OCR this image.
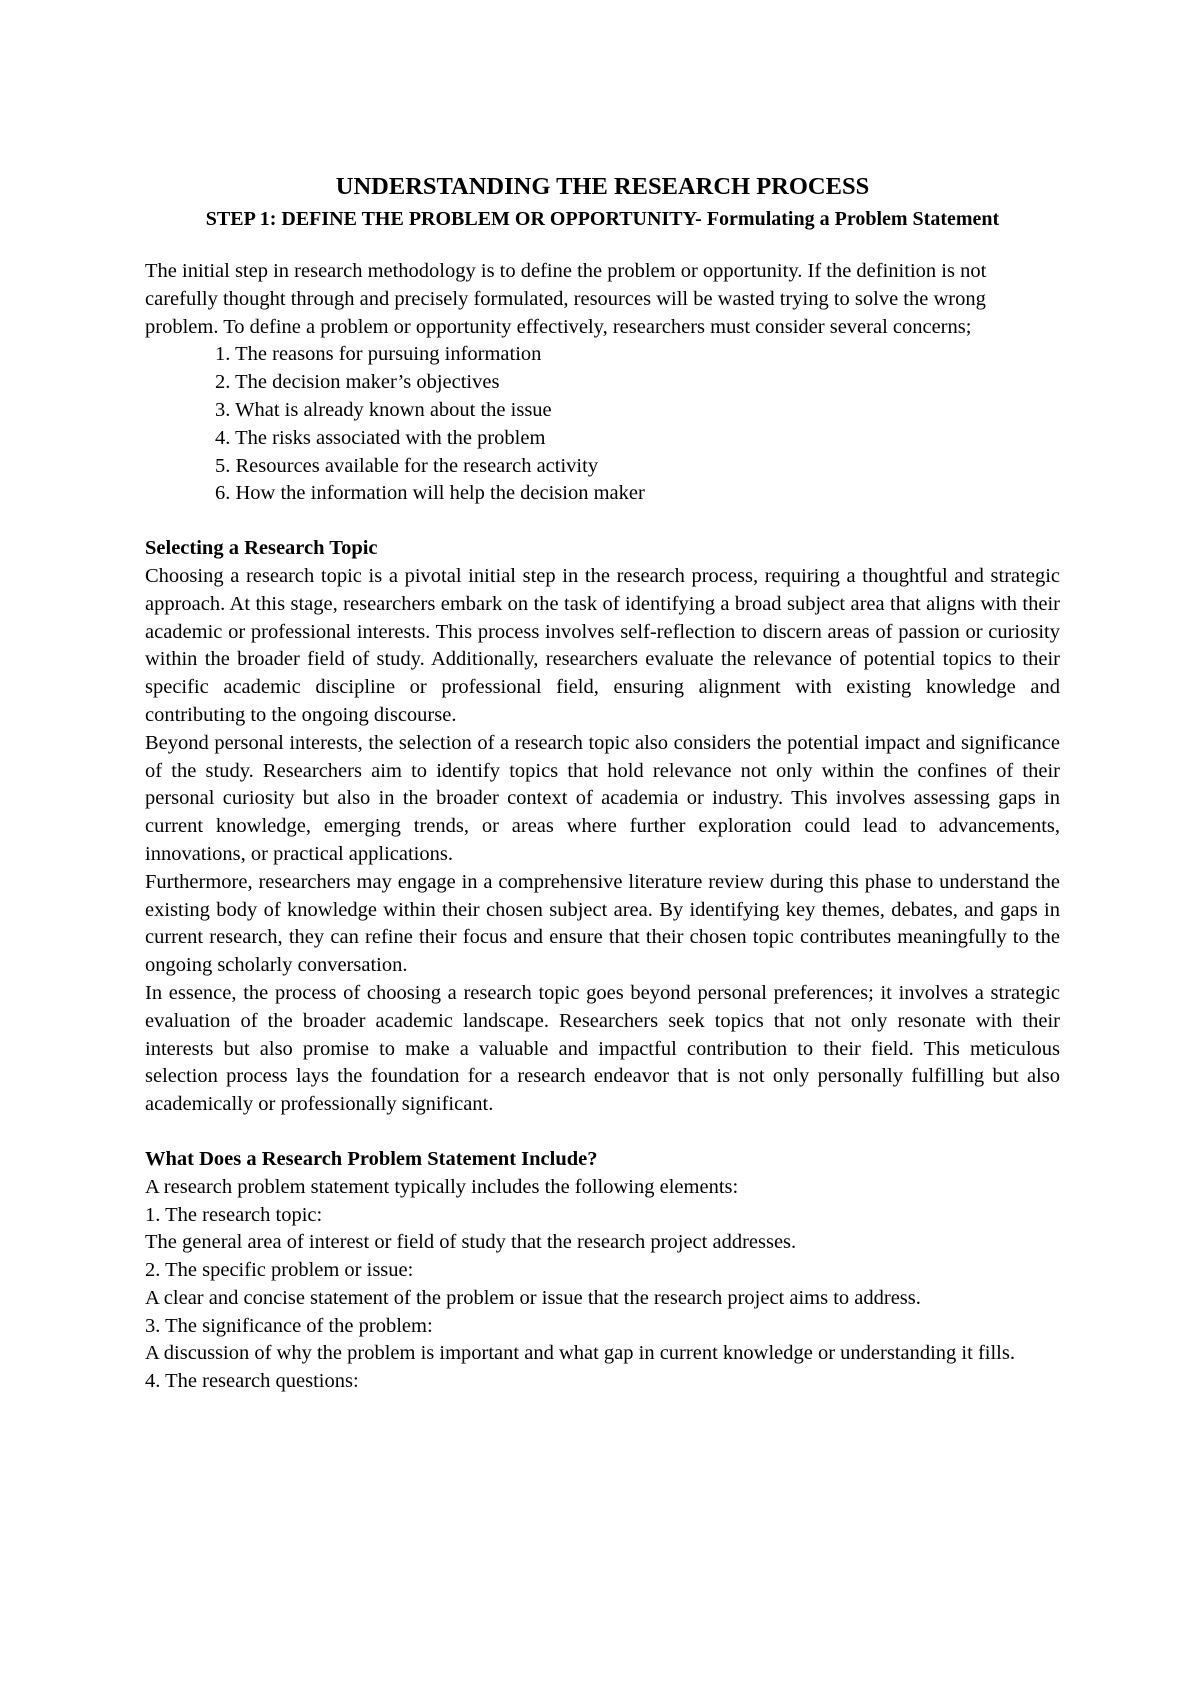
UNDERSTANDING THE RESEARCH PROCESS
STEP 1: DEFINE THE PROBLEM OR OPPORTUNITY- Formulating a Problem Statement

The initial step in research methodology is to define the problem or opportunity. If the definition is not carefully thought through and precisely formulated, resources will be wasted trying to solve the wrong problem. To define a problem or opportunity effectively, researchers must consider several concerns;

1. The reasons for pursuing information
2. The decision maker’s objectives
3. What is already known about the issue
4. The risks associated with the problem
5. Resources available for the research activity
6. How the information will help the decision maker
Selecting a Research Topic

Choosing a research topic is a pivotal initial step in the research process, requiring a thoughtful and strategic approach. At this stage, researchers embark on the task of identifying a broad subject area that aligns with their academic or professional interests. This process involves self-reflection to discern areas of passion or curiosity within the broader field of study. Additionally, researchers evaluate the relevance of potential topics to their specific academic discipline or professional field, ensuring alignment with existing knowledge and contributing to the ongoing discourse.

Beyond personal interests, the selection of a research topic also considers the potential impact and significance of the study. Researchers aim to identify topics that hold relevance not only within the confines of their personal curiosity but also in the broader context of academia or industry. This involves assessing gaps in current knowledge, emerging trends, or areas where further exploration could lead to advancements, innovations, or practical applications.

Furthermore, researchers may engage in a comprehensive literature review during this phase to understand the existing body of knowledge within their chosen subject area. By identifying key themes, debates, and gaps in current research, they can refine their focus and ensure that their chosen topic contributes meaningfully to the ongoing scholarly conversation.

In essence, the process of choosing a research topic goes beyond personal preferences; it involves a strategic evaluation of the broader academic landscape. Researchers seek topics that not only resonate with their interests but also promise to make a valuable and impactful contribution to their field. This meticulous selection process lays the foundation for a research endeavor that is not only personally fulfilling but also academically or professionally significant.

What Does a Research Problem Statement Include?

A research problem statement typically includes the following elements:

1. The research topic:

The general area of interest or field of study that the research project addresses.

2. The specific problem or issue:

A clear and concise statement of the problem or issue that the research project aims to address.

3. The significance of the problem:

A discussion of why the problem is important and what gap in current knowledge or understanding it fills.

4. The research questions:
